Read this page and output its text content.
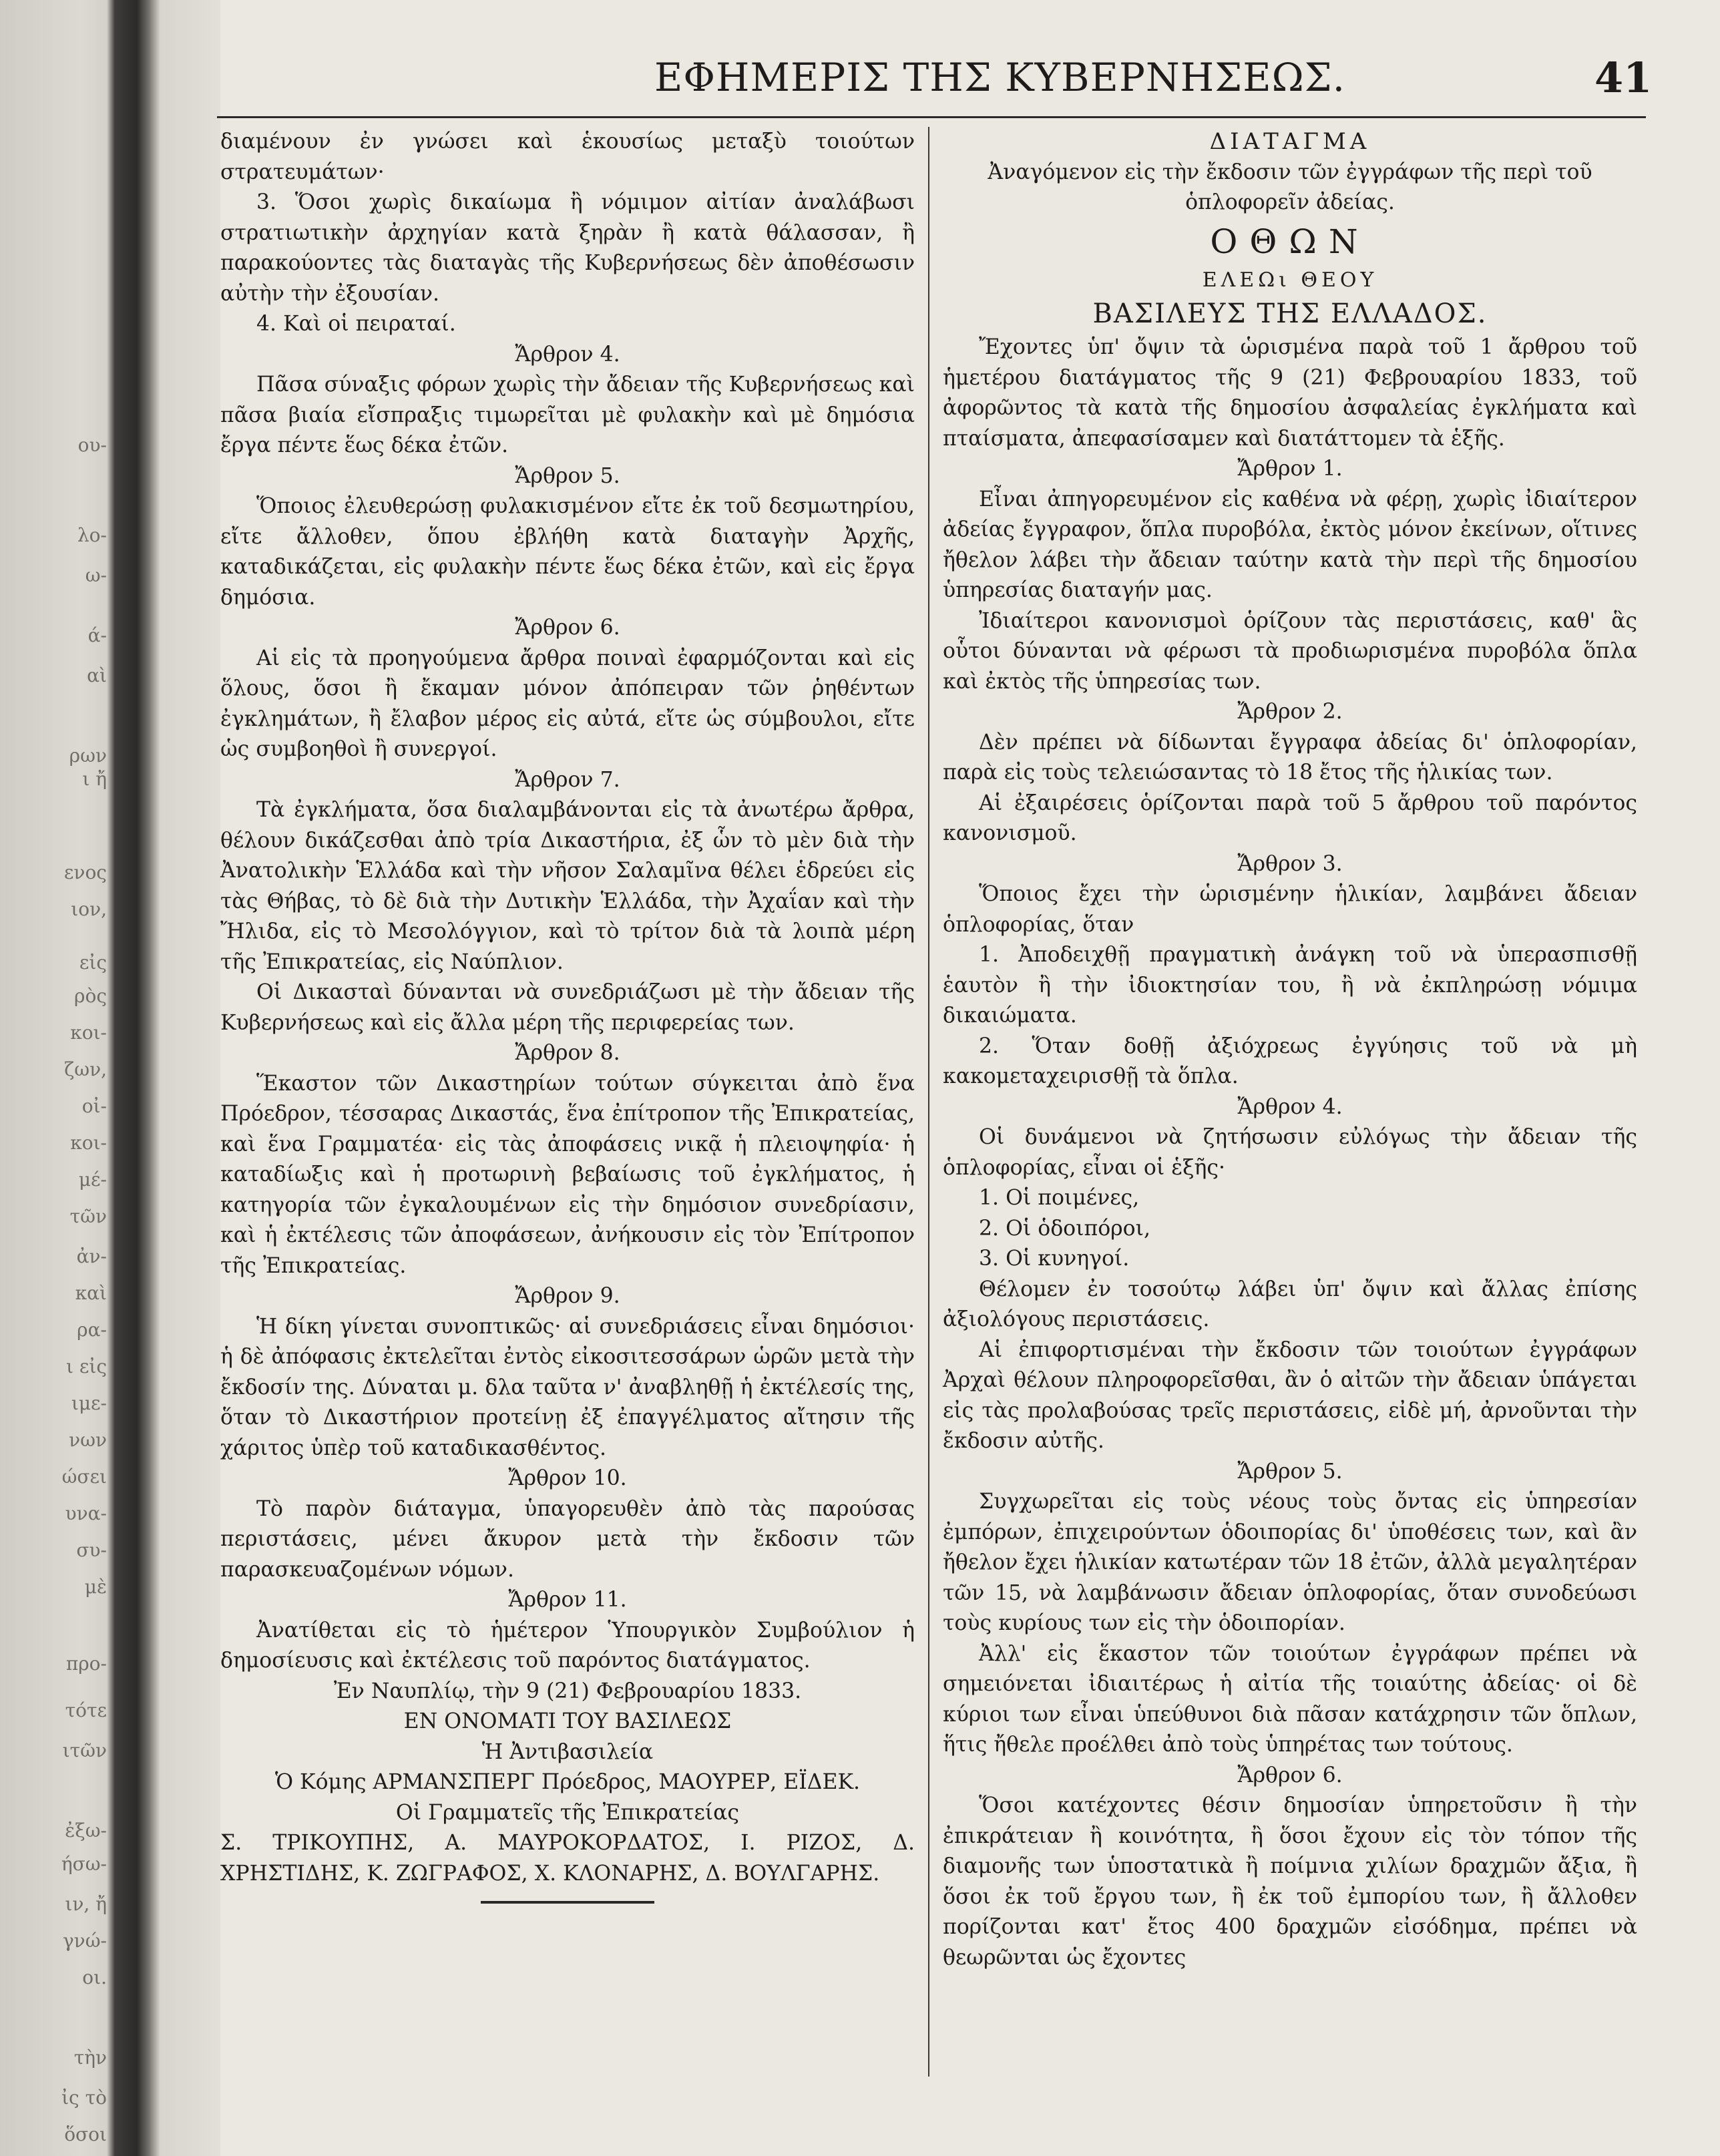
ου-
λο-
ω-
ά-
αὶ
ρων
ι ἤ
ενος
ιον,
εἰς
ρὸς
κοι-
ζων,
οἰ-
κοι-
μέ-
τῶν
ἀν-
καὶ
ρα-
ι εἰς
ιμε-
νων
ώσει
υνα-
συ-
μὲ
προ-
τότε
ιτῶν
ἐξω-
ήσω-
ιν, ἤ
γνώ-
οι.
τὴν
ἰς τὸ
ὅσοι
ΕΦΗΜΕΡΙΣ ΤΗΣ ΚΥΒΕΡΝΗΣΕΩΣ.	41

διαμένουν ἐν γνώσει καὶ ἑκουσίως μεταξὺ τοιούτων στρατευμάτων·

3. Ὅσοι χωρὶς δικαίωμα ἢ νόμιμον αἰτίαν ἀναλάβωσι στρατιωτικὴν ἀρχηγίαν κατὰ ξηρὰν ἢ κατὰ θάλασσαν, ἢ παρακούοντες τὰς διαταγὰς τῆς Κυβερνήσεως δὲν ἀποθέσωσιν αὐτὴν τὴν ἐξουσίαν.

4. Καὶ οἱ πειραταί.

Ἄρθρον 4.

Πᾶσα σύναξις φόρων χωρὶς τὴν ἄδειαν τῆς Κυβερνήσεως καὶ πᾶσα βιαία εἴσπραξις τιμωρεῖται μὲ φυλακὴν καὶ μὲ δημόσια ἔργα πέντε ἕως δέκα ἐτῶν.

Ἄρθρον 5.

Ὅποιος ἐλευθερώσῃ φυλακισμένον εἴτε ἐκ τοῦ δεσμωτηρίου, εἴτε ἄλλοθεν, ὅπου ἐβλήθη κατὰ διαταγὴν Ἀρχῆς, καταδικάζεται, εἰς φυλακὴν πέντε ἕως δέκα ἐτῶν, καὶ εἰς ἔργα δημόσια.

Ἄρθρον 6.

Αἱ εἰς τὰ προηγούμενα ἄρθρα ποιναὶ ἐφαρμόζονται καὶ εἰς ὅλους, ὅσοι ἢ ἔκαμαν μόνον ἀπόπειραν τῶν ῥηθέντων ἐγκλημάτων, ἢ ἔλαβον μέρος εἰς αὐτά, εἴτε ὡς σύμβουλοι, εἴτε ὡς συμβοηθοὶ ἢ συνεργοί.

Ἄρθρον 7.

Τὰ ἐγκλήματα, ὅσα διαλαμβάνονται εἰς τὰ ἀνωτέρω ἄρθρα, θέλουν δικάζεσθαι ἀπὸ τρία Δικαστήρια, ἐξ ὧν τὸ μὲν διὰ τὴν Ἀνατολικὴν Ἑλλάδα καὶ τὴν νῆσον Σαλαμῖνα θέλει ἑδρεύει εἰς τὰς Θήβας, τὸ δὲ διὰ τὴν Δυτικὴν Ἑλλάδα, τὴν Ἀχαΐαν καὶ τὴν Ἤλιδα, εἰς τὸ Μεσολόγγιον, καὶ τὸ τρίτον διὰ τὰ λοιπὰ μέρη τῆς Ἐπικρατείας, εἰς Ναύπλιον.

Οἱ Δικασταὶ δύνανται νὰ συνεδριάζωσι μὲ τὴν ἄδειαν τῆς Κυβερνήσεως καὶ εἰς ἄλλα μέρη τῆς περιφερείας των.

Ἄρθρον 8.

Ἕκαστον τῶν Δικαστηρίων τούτων σύγκειται ἀπὸ ἕνα Πρόεδρον, τέσσαρας Δικαστάς, ἕνα ἐπίτροπον τῆς Ἐπικρατείας, καὶ ἕνα Γραμματέα· εἰς τὰς ἀποφάσεις νικᾷ ἡ πλειοψηφία· ἡ καταδίωξις καὶ ἡ προτωρινὴ βεβαίωσις τοῦ ἐγκλήματος, ἡ κατηγορία τῶν ἐγκαλουμένων εἰς τὴν δημόσιον συνεδρίασιν, καὶ ἡ ἐκτέλεσις τῶν ἀποφάσεων, ἀνήκουσιν εἰς τὸν Ἐπίτροπον τῆς Ἐπικρατείας.

Ἄρθρον 9.

Ἡ δίκη γίνεται συνοπτικῶς· αἱ συνεδριάσεις εἶναι δημόσιοι· ἡ δὲ ἀπόφασις ἐκτελεῖται ἐντὸς εἰκοσιτεσσάρων ὡρῶν μετὰ τὴν ἔκδοσίν της. Δύναται μ. δλα ταῦτα ν' ἀναβληθῇ ἡ ἐκτέλεσίς της, ὅταν τὸ Δικαστήριον προτείνῃ ἐξ ἐπαγγέλματος αἴτησιν τῆς χάριτος ὑπὲρ τοῦ καταδικασθέντος.

Ἄρθρον 10.

Τὸ παρὸν διάταγμα, ὑπαγορευθὲν ἀπὸ τὰς παρούσας περιστάσεις, μένει ἄκυρον μετὰ τὴν ἔκδοσιν τῶν παρασκευαζομένων νόμων.

Ἄρθρον 11.

Ἀνατίθεται εἰς τὸ ἡμέτερον Ὑπουργικὸν Συμβούλιον ἡ δημοσίευσις καὶ ἐκτέλεσις τοῦ παρόντος διατάγματος.

Ἐν Ναυπλίῳ, τὴν 9 (21) Φεβρουαρίου 1833.

ΕΝ ΟΝΟΜΑΤΙ ΤΟΥ ΒΑΣΙΛΕΩΣ

Ἡ Ἀντιβασιλεία

Ὁ Κόμης ΑΡΜΑΝΣΠΕΡΓ Πρόεδρος, ΜΑΟΥΡΕΡ, ΕΪΔΕΚ.

Οἱ Γραμματεῖς τῆς Ἐπικρατείας

Σ. ΤΡΙΚΟΥΠΗΣ, Α. ΜΑΥΡΟΚΟΡΔΑΤΟΣ, Ι. ΡΙΖΟΣ, Δ. ΧΡΗΣΤΙΔΗΣ, Κ. ΖΩΓΡΑΦΟΣ, Χ. ΚΛΟΝΑΡΗΣ, Δ. ΒΟΥΛΓΑΡΗΣ.

ΔΙΑΤΑΓΜΑ
Ἀναγόμενον εἰς τὴν ἔκδοσιν τῶν ἐγγράφων τῆς περὶ τοῦ ὁπλοφορεῖν ἀδείας.
ΟΘΩΝ
ΕΛΕΩι ΘΕΟΥ
ΒΑΣΙΛΕΥΣ ΤΗΣ ΕΛΛΑΔΟΣ.

Ἔχοντες ὑπ' ὄψιν τὰ ὡρισμένα παρὰ τοῦ 1 ἄρθρου τοῦ ἡμετέρου διατάγματος τῆς 9 (21) Φεβρουαρίου 1833, τοῦ ἀφορῶντος τὰ κατὰ τῆς δημοσίου ἀσφαλείας ἐγκλήματα καὶ πταίσματα, ἀπεφασίσαμεν καὶ διατάττομεν τὰ ἑξῆς.

Ἄρθρον 1.

Εἶναι ἀπηγορευμένον εἰς καθένα νὰ φέρῃ, χωρὶς ἰδιαίτερον ἀδείας ἔγγραφον, ὅπλα πυροβόλα, ἐκτὸς μόνον ἐκείνων, οἵτινες ἤθελον λάβει τὴν ἄδειαν ταύτην κατὰ τὴν περὶ τῆς δημοσίου ὑπηρεσίας διαταγήν μας.

Ἰδιαίτεροι κανονισμοὶ ὁρίζουν τὰς περιστάσεις, καθ' ἃς οὗτοι δύνανται νὰ φέρωσι τὰ προδιωρισμένα πυροβόλα ὅπλα καὶ ἐκτὸς τῆς ὑπηρεσίας των.

Ἄρθρον 2.

Δὲν πρέπει νὰ δίδωνται ἔγγραφα ἀδείας δι' ὁπλοφορίαν, παρὰ εἰς τοὺς τελειώσαντας τὸ 18 ἔτος τῆς ἡλικίας των.

Αἱ ἐξαιρέσεις ὁρίζονται παρὰ τοῦ 5 ἄρθρου τοῦ παρόντος κανονισμοῦ.

Ἄρθρον 3.

Ὅποιος ἔχει τὴν ὡρισμένην ἡλικίαν, λαμβάνει ἄδειαν ὁπλοφορίας, ὅταν

1. Ἀποδειχθῇ πραγματικὴ ἀνάγκη τοῦ νὰ ὑπερασπισθῇ ἑαυτὸν ἢ τὴν ἰδιοκτησίαν του, ἢ νὰ ἐκπληρώσῃ νόμιμα δικαιώματα.

2. Ὅταν δοθῇ ἀξιόχρεως ἐγγύησις τοῦ νὰ μὴ κακομεταχειρισθῇ τὰ ὅπλα.

Ἄρθρον 4.

Οἱ δυνάμενοι νὰ ζητήσωσιν εὐλόγως τὴν ἄδειαν τῆς ὁπλοφορίας, εἶναι οἱ ἑξῆς·

1. Οἱ ποιμένες,

2. Οἱ ὁδοιπόροι,

3. Οἱ κυνηγοί.

Θέλομεν ἐν τοσούτῳ λάβει ὑπ' ὄψιν καὶ ἄλλας ἐπίσης ἀξιολόγους περιστάσεις.

Αἱ ἐπιφορτισμέναι τὴν ἔκδοσιν τῶν τοιούτων ἐγγράφων Ἀρχαὶ θέλουν πληροφορεῖσθαι, ἂν ὁ αἰτῶν τὴν ἄδειαν ὑπάγεται εἰς τὰς προλαβούσας τρεῖς περιστάσεις, εἰδὲ μή, ἀρνοῦνται τὴν ἔκδοσιν αὐτῆς.

Ἄρθρον 5.

Συγχωρεῖται εἰς τοὺς νέους τοὺς ὄντας εἰς ὑπηρεσίαν ἐμπόρων, ἐπιχειρούντων ὁδοιπορίας δι' ὑποθέσεις των, καὶ ἂν ἤθελον ἔχει ἡλικίαν κατωτέραν τῶν 18 ἐτῶν, ἀλλὰ μεγαλητέραν τῶν 15, νὰ λαμβάνωσιν ἄδειαν ὁπλοφορίας, ὅταν συνοδεύωσι τοὺς κυρίους των εἰς τὴν ὁδοιπορίαν.

Ἀλλ' εἰς ἕκαστον τῶν τοιούτων ἐγγράφων πρέπει νὰ σημειόνεται ἰδιαιτέρως ἡ αἰτία τῆς τοιαύτης ἀδείας· οἱ δὲ κύριοι των εἶναι ὑπεύθυνοι διὰ πᾶσαν κατάχρησιν τῶν ὅπλων, ἥτις ἤθελε προέλθει ἀπὸ τοὺς ὑπηρέτας των τούτους.

Ἄρθρον 6.

Ὅσοι κατέχοντες θέσιν δημοσίαν ὑπηρετοῦσιν ἢ τὴν ἐπικράτειαν ἢ κοινότητα, ἢ ὅσοι ἔχουν εἰς τὸν τόπον τῆς διαμονῆς των ὑποστατικὰ ἢ ποίμνια χιλίων δραχμῶν ἄξια, ἢ ὅσοι ἐκ τοῦ ἔργου των, ἢ ἐκ τοῦ ἐμπορίου των, ἢ ἄλλοθεν πορίζονται κατ' ἔτος 400 δραχμῶν εἰσόδημα, πρέπει νὰ θεωρῶνται ὡς ἔχοντες
